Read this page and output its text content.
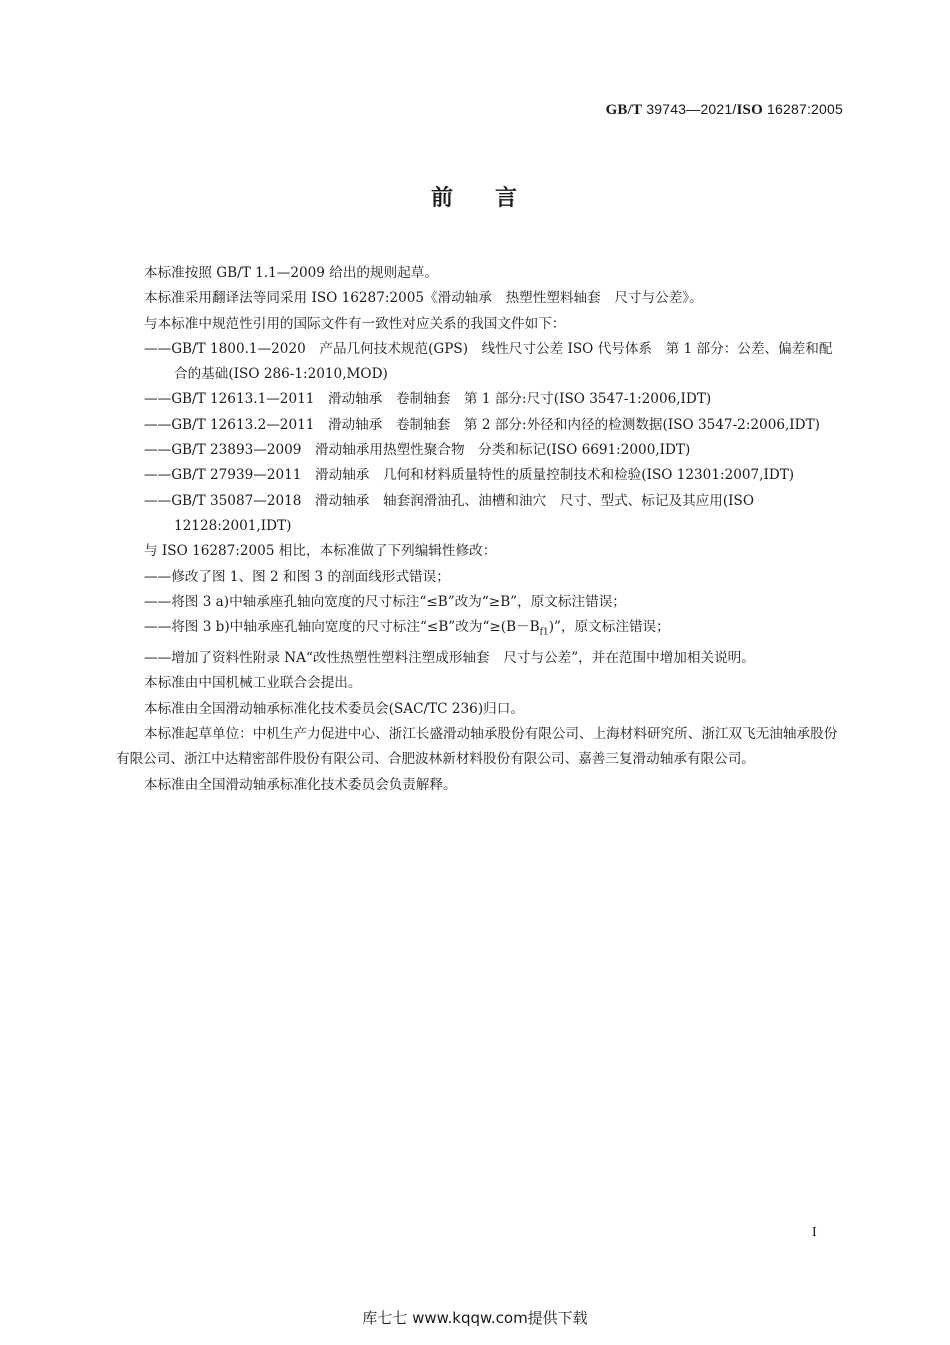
GB/T 39743—2021/ISO 16287:2005
前 言
本标准按照 GB/T 1.1—2009 给出的规则起草。
本标准采用翻译法等同采用 ISO 16287:2005《滑动轴承　热塑性塑料轴套　尺寸与公差》。
与本标准中规范性引用的国际文件有一致性对应关系的我国文件如下：
——GB/T 1800.1—2020　产品几何技术规范(GPS)　线性尺寸公差 ISO 代号体系　第 1 部分：公差、偏差和配合的基础(ISO 286-1:2010,MOD)
——GB/T 12613.1—2011　滑动轴承　卷制轴套　第 1 部分:尺寸(ISO 3547-1:2006,IDT)
——GB/T 12613.2—2011　滑动轴承　卷制轴套　第 2 部分:外径和内径的检测数据(ISO 3547-2:2006,IDT)
——GB/T 23893—2009　滑动轴承用热塑性聚合物　分类和标记(ISO 6691:2000,IDT)
——GB/T 27939—2011　滑动轴承　几何和材料质量特性的质量控制技术和检验(ISO 12301:2007,IDT)
——GB/T 35087—2018　滑动轴承　轴套润滑油孔、油槽和油穴　尺寸、型式、标记及其应用(ISO 12128:2001,IDT)
与 ISO 16287:2005 相比，本标准做了下列编辑性修改：
——修改了图 1、图 2 和图 3 的剖面线形式错误；
——将图 3 a)中轴承座孔轴向宽度的尺寸标注“≤B”改为“≥B”，原文标注错误；
——将图 3 b)中轴承座孔轴向宽度的尺寸标注“≤B”改为“$\ge(B-B_{f1})$”，原文标注错误；
——增加了资料性附录 NA“改性热塑性塑料注塑成形轴套　尺寸与公差”，并在范围中增加相关说明。
本标准由中国机械工业联合会提出。
本标准由全国滑动轴承标准化技术委员会(SAC/TC 236)归口。
本标准起草单位：中机生产力促进中心、浙江长盛滑动轴承股份有限公司、上海材料研究所、浙江双飞无油轴承股份有限公司、浙江中达精密部件股份有限公司、合肥波林新材料股份有限公司、嘉善三复滑动轴承有限公司。
本标准由全国滑动轴承标准化技术委员会负责解释。
I
库七七 www.kqqw.com提供下载
